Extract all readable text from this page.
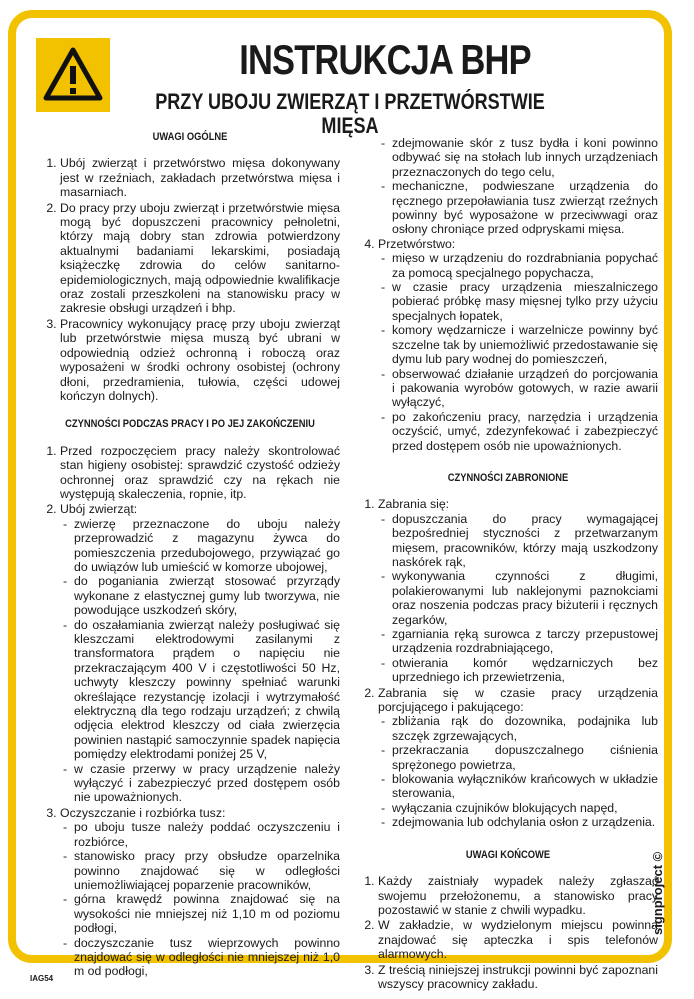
INSTRUKCJA BHP
PRZY UBOJU ZWIERZĄT I PRZETWÓRSTWIE MIĘSA
UWAGI OGÓLNE
1. Ubój zwierząt i przetwórstwo mięsa dokonywany jest w rzeźniach, zakładach przetwórstwa mięsa i masarniach.
2. Do pracy przy uboju zwierząt i przetwórstwie mięsa mogą być dopuszczeni pracownicy pełnoletni, którzy mają dobry stan zdrowia potwierdzony aktualnymi badaniami lekarskimi, posiadają książeczkę zdrowia do celów sanitarno-epidemiologicznych, mają odpowiednie kwalifikacje oraz zostali przeszkoleni na stanowisku pracy w zakresie obsługi urządzeń i bhp.
3. Pracownicy wykonujący pracę przy uboju zwierząt lub przetwórstwie mięsa muszą być ubrani w odpowiednią odzież ochronną i roboczą oraz wyposażeni w środki ochrony osobistej (ochrony dłoni, przedramienia, tułowia, części udowej kończyn dolnych).
CZYNNOŚCI PODCZAS PRACY I PO JEJ ZAKOŃCZENIU
1. Przed rozpoczęciem pracy należy skontrolować stan higieny osobistej: sprawdzić czystość odzieży ochronnej oraz sprawdzić czy na rękach nie występują skaleczenia, ropnie, itp.
2. Ubój zwierząt:
- zwierzę przeznaczone do uboju należy przeprowadzić z magazynu żywca do pomieszczenia przedubojowego, przywiązać go do uwiązów lub umieścić w komorze ubojowej,
- do poganiania zwierząt stosować przyrządy wykonane z elastycznej gumy lub tworzywa, nie powodujące uszkodzeń skóry,
- do oszałamiania zwierząt należy posługiwać się kleszczami elektrodowymi zasilanymi z transformatora prądem o napięciu nie przekraczającym 400 V i częstotliwości 50 Hz, uchwyty kleszczy powinny spełniać warunki określające rezystancję izolacji i wytrzymałość elektryczną dla tego rodzaju urządzeń; z chwilą odjęcia elektrod kleszczy od ciała zwierzęcia powinien nastąpić samoczynnie spadek napięcia pomiędzy elektrodami poniżej 25 V,
- w czasie przerwy w pracy urządzenie należy wyłączyć i zabezpieczyć przed dostępem osób nie upoważnionych.
3. Oczyszczanie i rozbiórka tusz:
- po uboju tusze należy poddać oczyszczeniu i rozbiórce,
- stanowisko pracy przy obsłudze oparzelnika powinno znajdować się w odległości uniemożliwiającej poparzenie pracowników,
- górna krawędź powinna znajdować się na wysokości nie mniejszej niż 1,10 m od poziomu podłogi,
- doczyszczanie tusz wieprzowych powinno znajdować się w odległości nie mniejszej niż 1,0 m od podłogi,
- zdejmowanie skór z tusz bydła i koni powinno odbywać się na stołach lub innych urządzeniach przeznaczonych do tego celu,
- mechaniczne, podwieszane urządzenia do ręcznego przepoławiania tusz zwierząt rzeźnych powinny być wyposażone w przeciwwagi oraz osłony chroniące przed odpryskami mięsa.
4. Przetwórstwo:
- mięso w urządzeniu do rozdrabniania popychać za pomocą specjalnego popychacza,
- w czasie pracy urządzenia mieszalniczego pobierać próbkę masy mięsnej tylko przy użyciu specjalnych łopatek,
- komory wędzarnicze i warzelnicze powinny być szczelne tak by uniemożliwić przedostawanie się dymu lub pary wodnej do pomieszczeń,
- obserwować działanie urządzeń do porcjowania i pakowania wyrobów gotowych, w razie awarii wyłączyć,
- po zakończeniu pracy, narzędzia i urządzenia oczyścić, umyć, zdezynfekować i zabezpieczyć przed dostępem osób nie upoważnionych.
CZYNNOŚCI ZABRONIONE
1. Zabrania się:
- dopuszczania do pracy wymagającej bezpośredniej styczności z przetwarzanym mięsem, pracowników, którzy mają uszkodzony naskórek rąk,
- wykonywania czynności z długimi, polakierowanymi lub naklejonymi paznokciami oraz noszenia podczas pracy biżuterii i ręcznych zegarków,
- zgarniania ręką surowca z tarczy przepustowej urządzenia rozdrabniającego,
- otwierania komór wędzarniczych bez uprzedniego ich przewietrzenia,
2. Zabrania się w czasie pracy urządzenia porcjującego i pakującego:
- zbliżania rąk do dozownika, podajnika lub szczęk zgrzewających,
- przekraczania dopuszczalnego ciśnienia sprężonego powietrza,
- blokowania wyłączników krańcowych w układzie sterowania,
- wyłączania czujników blokujących napęd,
- zdejmowania lub odchylania osłon z urządzenia.
UWAGI KOŃCOWE
1. Każdy zaistniały wypadek należy zgłaszać swojemu przełożonemu, a stanowisko pracy pozostawić w stanie z chwili wypadku.
2. W zakładzie, w wydzielonym miejscu powinna znajdować się apteczka i spis telefonów alarmowych.
3. Z treścią niniejszej instrukcji powinni być zapoznani wszyscy pracownicy zakładu.
signproject ©
IAG54
